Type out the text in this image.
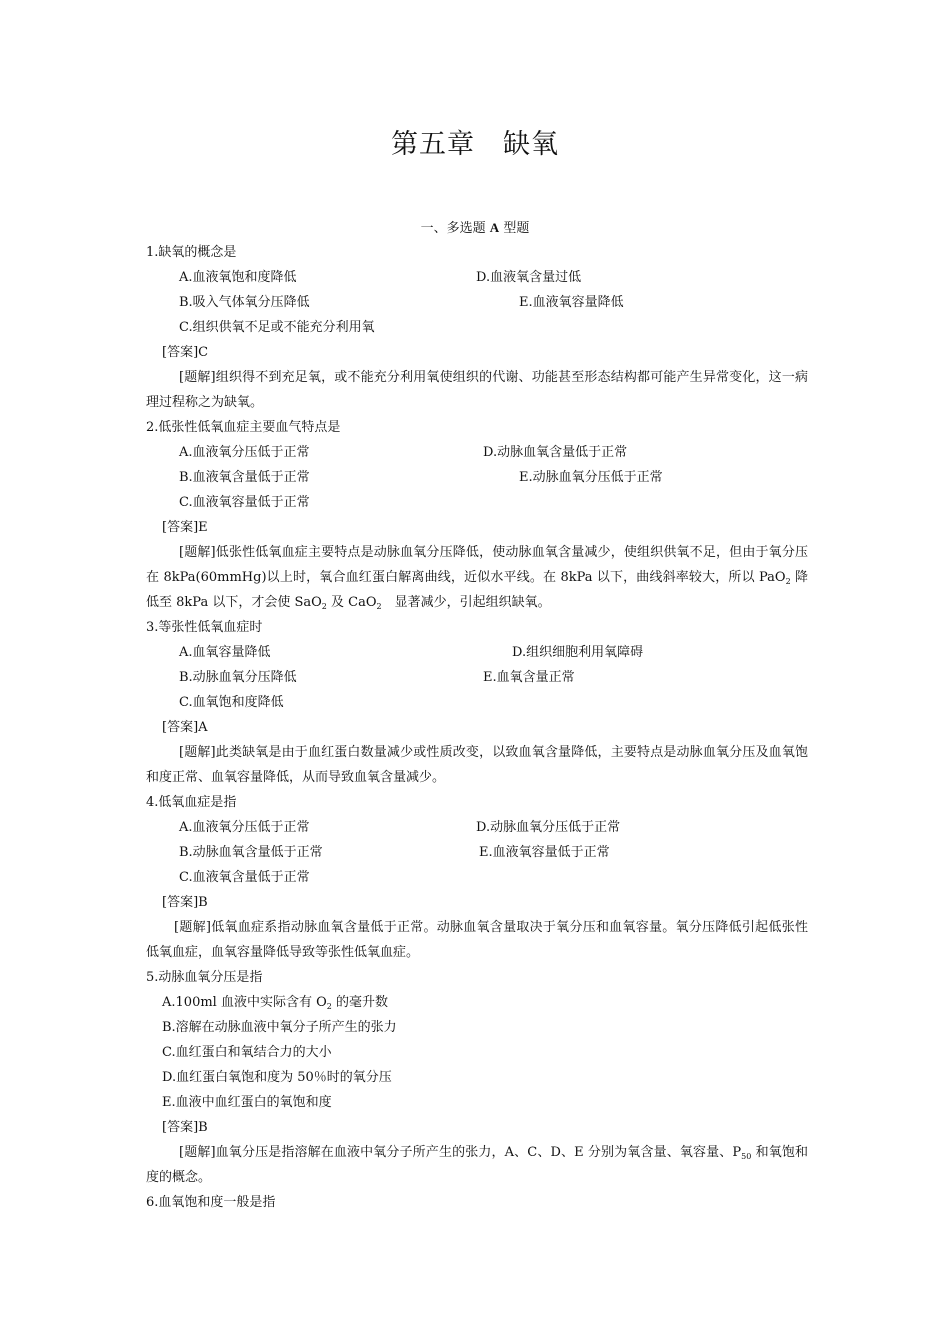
第五章　缺氧
一、多选题 A 型题
1.缺氧的概念是
A.血液氧饱和度降低	D.血液氧含量过低
B.吸入气体氧分压降低	E.血液氧容量降低
C.组织供氧不足或不能充分利用氧
[答案]C
[题解]组织得不到充足氧，或不能充分利用氧使组织的代谢、功能甚至形态结构都可能产生异常变化，这一病理过程称之为缺氧。
2.低张性低氧血症主要血气特点是
A.血液氧分压低于正常	D.动脉血氧含量低于正常
B.血液氧含量低于正常	E.动脉血氧分压低于正常
C.血液氧容量低于正常
[答案]E
[题解]低张性低氧血症主要特点是动脉血氧分压降低，使动脉血氧含量减少，使组织供氧不足，但由于氧分压在 8kPa(60mmHg)以上时，氧合血红蛋白解离曲线，近似水平线。在 8kPa 以下，曲线斜率较大，所以 PaO$_2$ 降低至 8kPa 以下，才会使 SaO$_2$ 及 CaO$_2$　显著减少，引起组织缺氧。
3.等张性低氧血症时
A.血氧容量降低	D.组织细胞利用氧障碍
B.动脉血氧分压降低	E.血氧含量正常
C.血氧饱和度降低
[答案]A
[题解]此类缺氧是由于血红蛋白数量减少或性质改变，以致血氧含量降低，主要特点是动脉血氧分压及血氧饱和度正常、血氧容量降低，从而导致血氧含量减少。
4.低氧血症是指
A.血液氧分压低于正常	D.动脉血氧分压低于正常
B.动脉血氧含量低于正常	E.血液氧容量低于正常
C.血液氧含量低于正常
[答案]B
[题解]低氧血症系指动脉血氧含量低于正常。动脉血氧含量取决于氧分压和血氧容量。氧分压降低引起低张性低氧血症，血氧容量降低导致等张性低氧血症。
5.动脉血氧分压是指
A.100ml 血液中实际含有 $O_2$ 的毫升数
B.溶解在动脉血液中氧分子所产生的张力
C.血红蛋白和氧结合力的大小
D.血红蛋白氧饱和度为 50％时的氧分压
E.血液中血红蛋白的氧饱和度
[答案]B
[题解]血氧分压是指溶解在血液中氧分子所产生的张力，A、C、D、E 分别为氧含量、氧容量、$P_{50}$ 和氧饱和度的概念。
6.血氧饱和度一般是指
